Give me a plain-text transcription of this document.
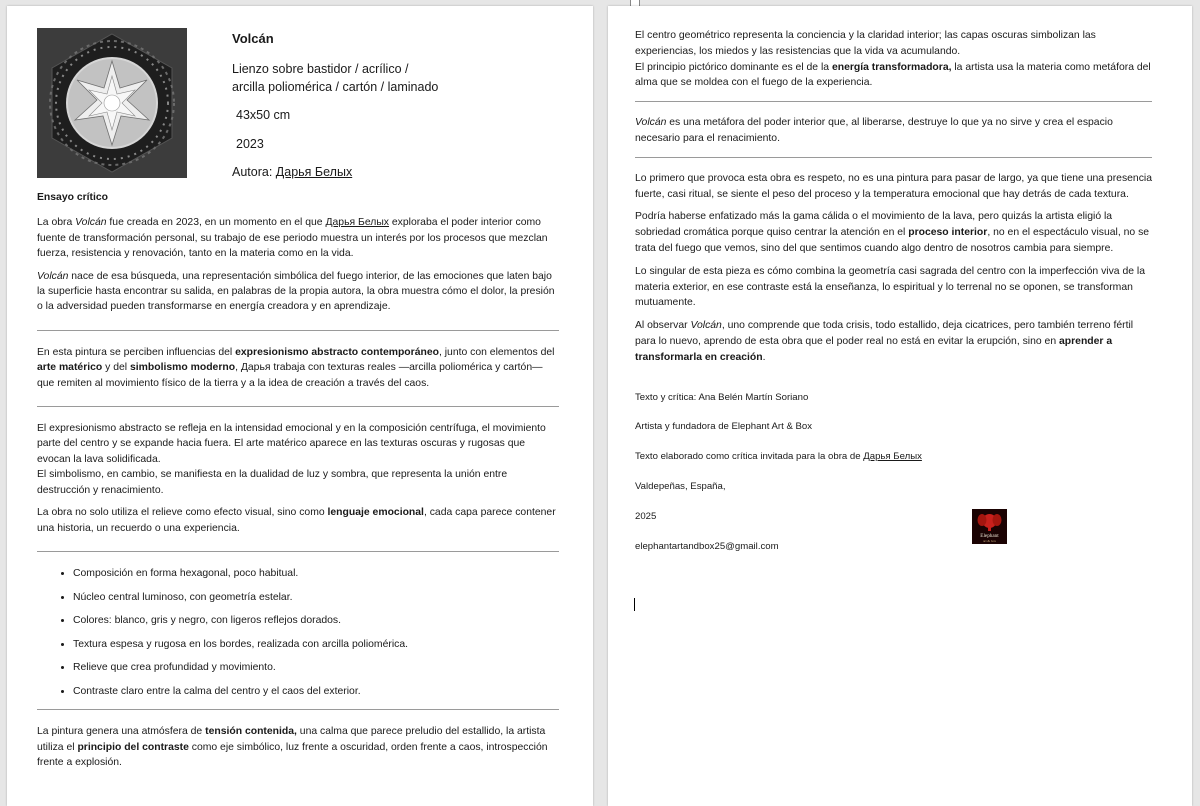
Volcán
Lienzo sobre bastidor / acrílico /
arcilla poliomérica / cartón / laminado
43x50 cm
2023
Autora: Дарья Белых

Ensayo crítico

La obra Volcán fue creada en 2023, en un momento en el que Дарья Белых exploraba el poder interior como fuente de transformación personal, su trabajo de ese periodo muestra un interés por los procesos que mezclan fuerza, resistencia y renovación, tanto en la materia como en la vida.

Volcán nace de esa búsqueda, una representación simbólica del fuego interior, de las emociones que laten bajo la superficie hasta encontrar su salida, en palabras de la propia autora, la obra muestra cómo el dolor, la presión o la adversidad pueden transformarse en energía creadora y en aprendizaje.

En esta pintura se perciben influencias del expresionismo abstracto contemporáneo, junto con elementos del arte matérico y del simbolismo moderno, Дарья trabaja con texturas reales —arcilla poliomérica y cartón— que remiten al movimiento físico de la tierra y a la idea de creación a través del caos.

El expresionismo abstracto se refleja en la intensidad emocional y en la composición centrífuga, el movimiento parte del centro y se expande hacia fuera. El arte matérico aparece en las texturas oscuras y rugosas que evocan la lava solidificada.
El simbolismo, en cambio, se manifiesta en la dualidad de luz y sombra, que representa la unión entre destrucción y renacimiento.

La obra no solo utiliza el relieve como efecto visual, sino como lenguaje emocional, cada capa parece contener una historia, un recuerdo o una experiencia.

• Composición en forma hexagonal, poco habitual.
• Núcleo central luminoso, con geometría estelar.
• Colores: blanco, gris y negro, con ligeros reflejos dorados.
• Textura espesa y rugosa en los bordes, realizada con arcilla poliomérica.
• Relieve que crea profundidad y movimiento.
• Contraste claro entre la calma del centro y el caos del exterior.

La pintura genera una atmósfera de tensión contenida, una calma que parece preludio del estallido, la artista utiliza el principio del contraste como eje simbólico, luz frente a oscuridad, orden frente a caos, introspección frente a explosión.

El centro geométrico representa la conciencia y la claridad interior; las capas oscuras simbolizan las experiencias, los miedos y las resistencias que la vida va acumulando.

El principio pictórico dominante es el de la energía transformadora, la artista usa la materia como metáfora del alma que se moldea con el fuego de la experiencia.

Volcán es una metáfora del poder interior que, al liberarse, destruye lo que ya no sirve y crea el espacio necesario para el renacimiento.

Lo primero que provoca esta obra es respeto, no es una pintura para pasar de largo, ya que tiene una presencia fuerte, casi ritual, se siente el peso del proceso y la temperatura emocional que hay detrás de cada textura.

Podría haberse enfatizado más la gama cálida o el movimiento de la lava, pero quizás la artista eligió la sobriedad cromática porque quiso centrar la atención en el proceso interior, no en el espectáculo visual, no se trata del fuego que vemos, sino del que sentimos cuando algo dentro de nosotros cambia para siempre.

Lo singular de esta pieza es cómo combina la geometría casi sagrada del centro con la imperfección viva de la materia exterior, en ese contraste está la enseñanza, lo espiritual y lo terrenal no se oponen, se transforman mutuamente.

Al observar Volcán, uno comprende que toda crisis, todo estallido, deja cicatrices, pero también terreno fértil para lo nuevo, aprendo de esta obra que el poder real no está en evitar la erupción, sino en aprender a transformarla en creación.

Texto y crítica: Ana Belén Martín Soriano

Artista y fundadora de Elephant Art & Box

Texto elaborado como crítica invitada para la obra de Дарья Белых

Valdepeñas, España,

2025

elephantartandbox25@gmail.com

Elephant
art & box
